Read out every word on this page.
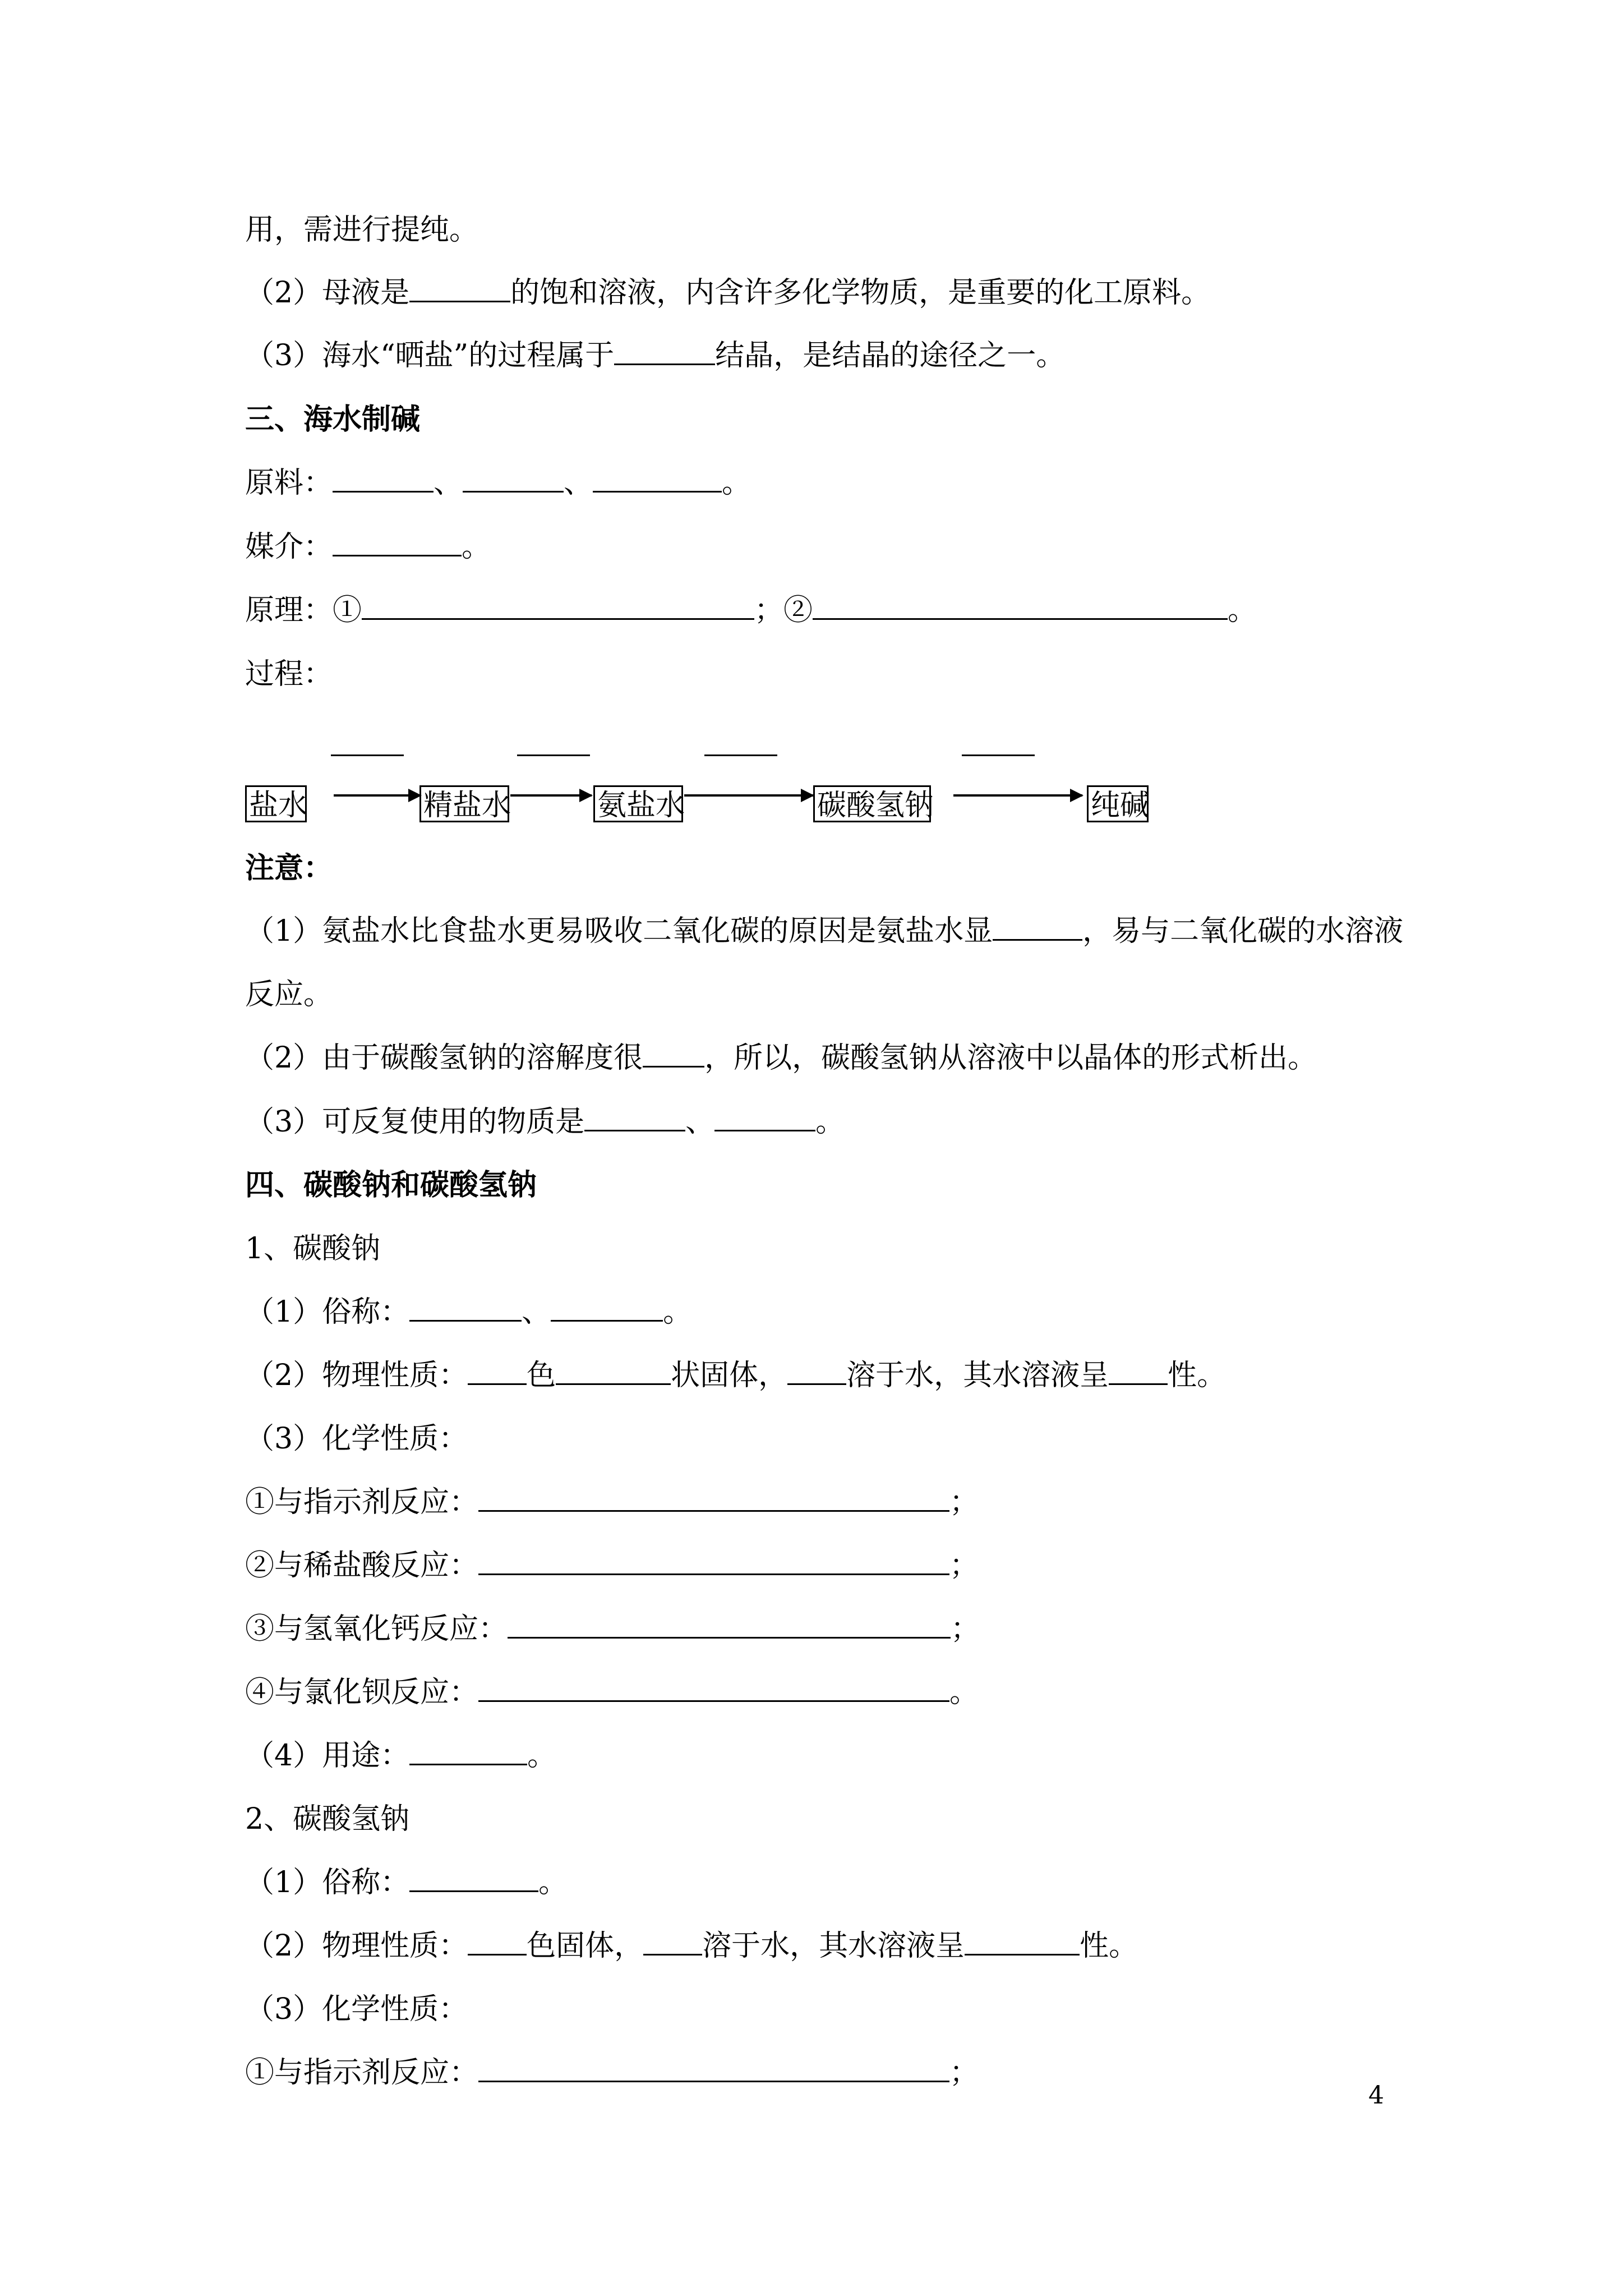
用，需进行提纯。
（2）母液是	的饱和溶液，内含许多化学物质，是重要的化工原料。
（3）海水“晒盐”的过程属于	结晶，是结晶的途径之一。
三、海水制碱
原料：	、	、	。
媒介：	。
原理：①	；②	。
过程：
盐水	精盐水	氨盐水	碳酸氢钠	纯碱
注意：
（1）氨盐水比食盐水更易吸收二氧化碳的原因是氨盐水显	，易与二氧化碳的水溶液
反应。
（2）由于碳酸氢钠的溶解度很 ，所以，碳酸氢钠从溶液中以晶体的形式析出。
（3）可反复使用的物质是	、	。
四、碳酸钠和碳酸氢钠
1、碳酸钠
（1）俗称：	、	。
（2）物理性质： 色	状固体， 溶于水，其水溶液呈 性。
（3）化学性质：
①与指示剂反应：	；
②与稀盐酸反应：	；
③与氢氧化钙反应：	；
④与氯化钡反应：	。
（4）用途：	。
2、碳酸氢钠
（1）俗称：	。
（2）物理性质： 色固体， 溶于水，其水溶液呈	性。
（3）化学性质：
①与指示剂反应：	；
4
